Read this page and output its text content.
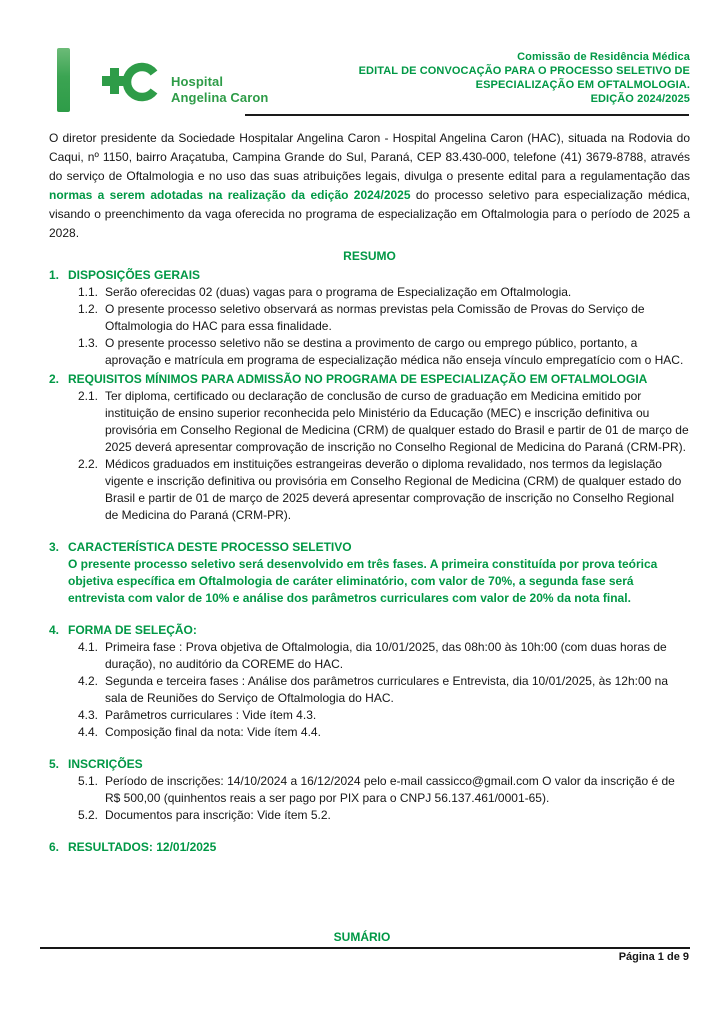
Hospital
Angelina Caron
Comissão de Residência Médica
EDITAL DE CONVOCAÇÃO PARA O PROCESSO SELETIVO DE
ESPECIALIZAÇÃO EM OFTALMOLOGIA.
EDIÇÃO 2024/2025

O diretor presidente da Sociedade Hospitalar Angelina Caron - Hospital Angelina Caron (HAC), situada na Rodovia do Caqui, nº 1150, bairro Araçatuba, Campina Grande do Sul, Paraná, CEP 83.430-000, telefone (41) 3679-8788, através do serviço de Oftalmologia e no uso das suas atribuições legais, divulga o presente edital para a regulamentação das normas a serem adotadas na realização da edição 2024/2025 do processo seletivo para especialização médica, visando o preenchimento da vaga oferecida no programa de especialização em Oftalmologia para o período de 2025 a 2028.

RESUMO
1. DISPOSIÇÕES GERAIS
1.1. Serão oferecidas 02 (duas) vagas para o programa de Especialização em Oftalmologia.
1.2. O presente processo seletivo observará as normas previstas pela Comissão de Provas do Serviço de Oftalmologia do HAC para essa finalidade.
1.3. O presente processo seletivo não se destina a provimento de cargo ou emprego público, portanto, a aprovação e matrícula em programa de especialização médica não enseja vínculo empregatício com o HAC.
2. REQUISITOS MÍNIMOS PARA ADMISSÃO NO PROGRAMA DE ESPECIALIZAÇÃO EM OFTALMOLOGIA
2.1. Ter diploma, certificado ou declaração de conclusão de curso de graduação em Medicina emitido por instituição de ensino superior reconhecida pelo Ministério da Educação (MEC) e inscrição definitiva ou provisória em Conselho Regional de Medicina (CRM) de qualquer estado do Brasil e partir de 01 de março de 2025 deverá apresentar comprovação de inscrição no Conselho Regional de Medicina do Paraná (CRM-PR).
2.2. Médicos graduados em instituições estrangeiras deverão o diploma revalidado, nos termos da legislação vigente e inscrição definitiva ou provisória em Conselho Regional de Medicina (CRM) de qualquer estado do Brasil e partir de 01 de março de 2025 deverá apresentar comprovação de inscrição no Conselho Regional de Medicina do Paraná (CRM-PR).
3. CARACTERÍSTICA DESTE PROCESSO SELETIVO
O presente processo seletivo será desenvolvido em três fases. A primeira constituída por prova teórica objetiva específica em Oftalmologia de caráter eliminatório, com valor de 70%, a segunda fase será entrevista com valor de 10% e análise dos parâmetros curriculares com valor de 20% da nota final.
4. FORMA DE SELEÇÃO:
4.1. Primeira fase : Prova objetiva de Oftalmologia, dia 10/01/2025, das 08h:00 às 10h:00 (com duas horas de duração), no auditório da COREME do HAC.
4.2. Segunda e terceira fases : Análise dos parâmetros curriculares e Entrevista, dia 10/01/2025, às 12h:00 na sala de Reuniões do Serviço de Oftalmologia do HAC.
4.3. Parâmetros curriculares : Vide ítem 4.3.
4.4. Composição final da nota: Vide ítem 4.4.
5. INSCRIÇÕES
5.1. Período de inscrições: 14/10/2024 a 16/12/2024 pelo e-mail cassicco@gmail.com O valor da inscrição é de R$ 500,00 (quinhentos reais a ser pago por PIX para o CNPJ 56.137.461/0001-65).
5.2. Documentos para inscrição: Vide ítem 5.2.
6. RESULTADOS: 12/01/2025
SUMÁRIO
Página 1 de 9
